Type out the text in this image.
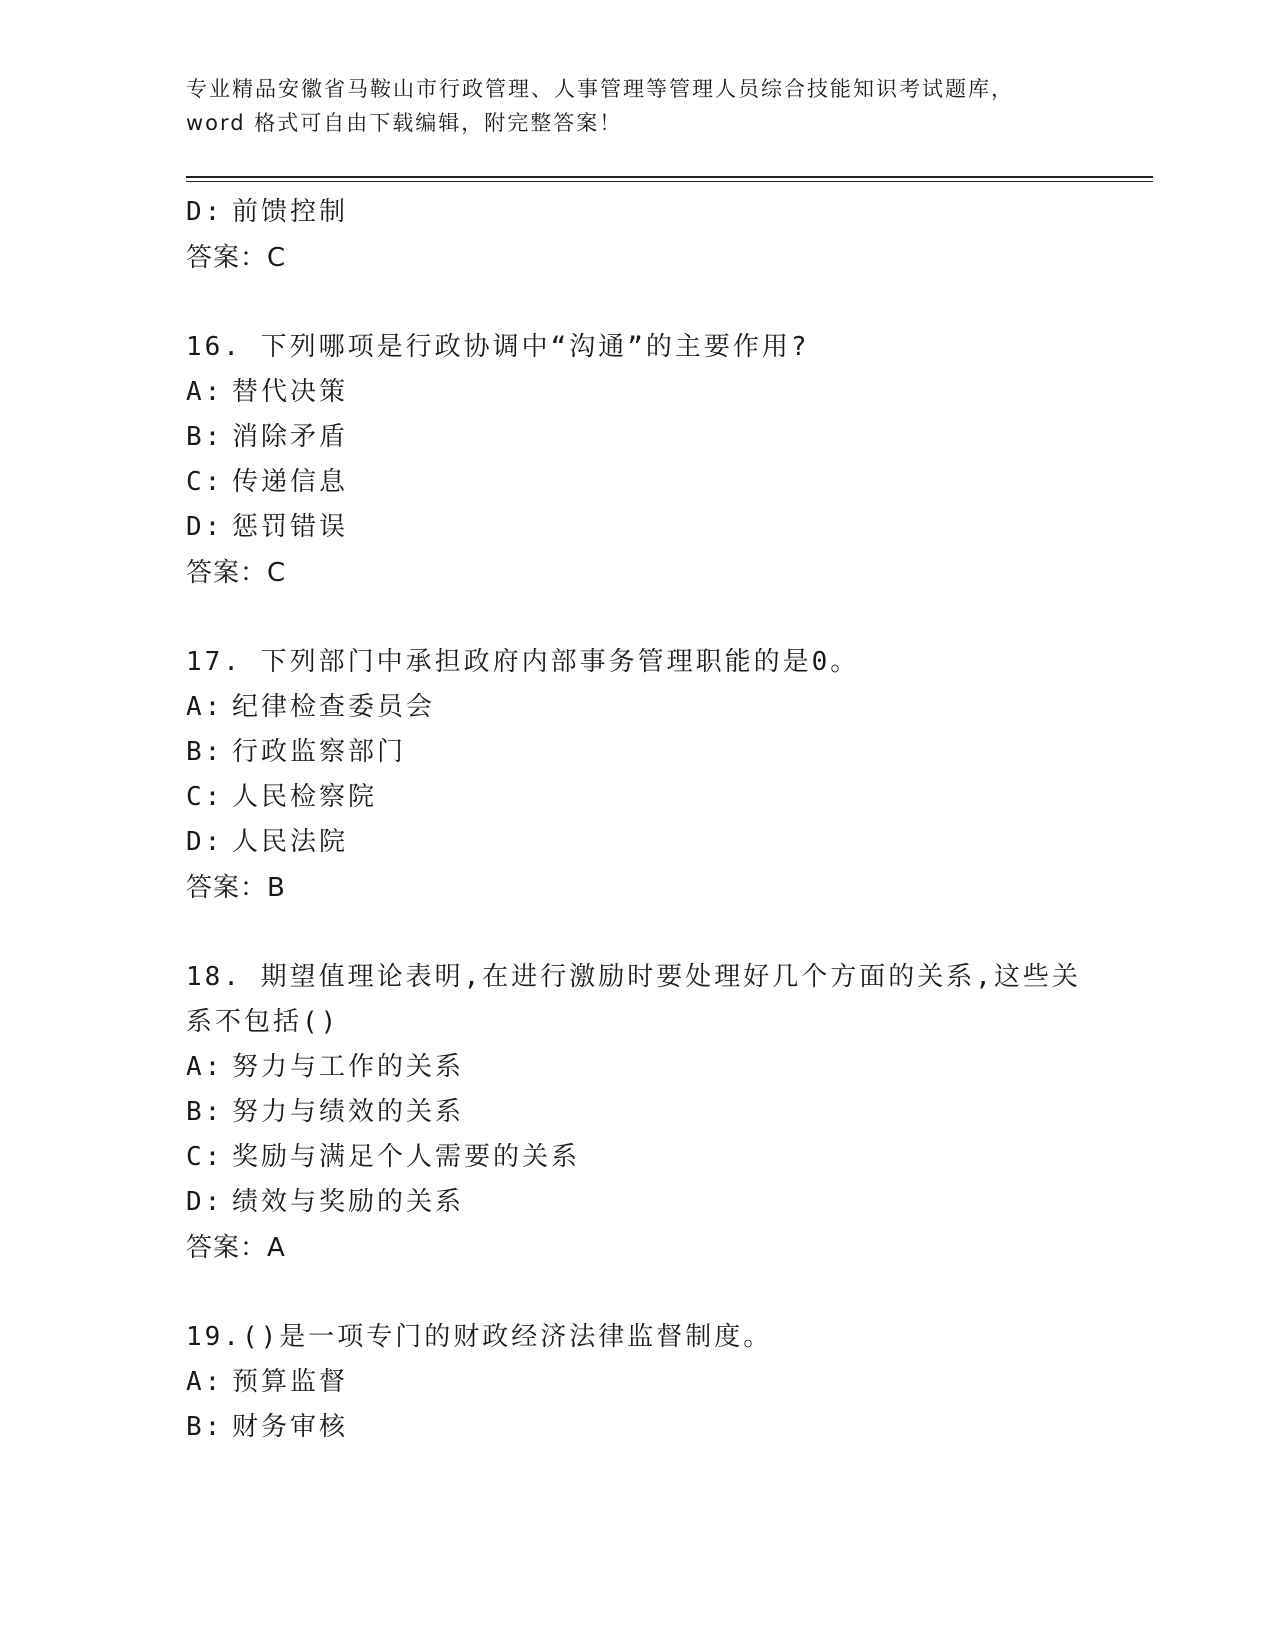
专业精品安徽省马鞍山市行政管理、人事管理等管理人员综合技能知识考试题库，
word 格式可自由下载编辑，附完整答案！
D: 前馈控制
答案：C
16. 下列哪项是行政协调中“沟通”的主要作用?
A: 替代决策
B: 消除矛盾
C: 传递信息
D: 惩罚错误
答案：C
17. 下列部门中承担政府内部事务管理职能的是0。
A: 纪律检查委员会
B: 行政监察部门
C: 人民检察院
D: 人民法院
答案：B
18. 期望值理论表明,在进行激励时要处理好几个方面的关系,这些关
系不包括()
A: 努力与工作的关系
B: 努力与绩效的关系
C: 奖励与满足个人需要的关系
D: 绩效与奖励的关系
答案：A
19.()是一项专门的财政经济法律监督制度。
A: 预算监督
B: 财务审核
